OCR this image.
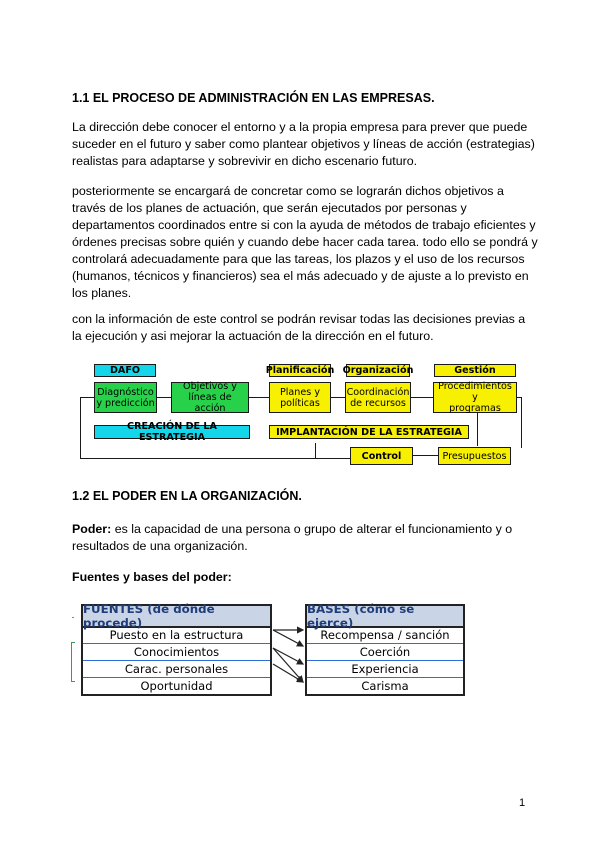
1.1 EL PROCESO DE ADMINISTRACIÓN EN LAS EMPRESAS.
La dirección debe conocer el entorno y a la propia empresa para prever que puede
suceder en el futuro y saber como plantear objetivos y líneas de acción (estrategias)
realistas para adaptarse y sobrevivir en dicho escenario futuro.
posteriormente se encargará de concretar como se lograrán dichos objetivos a
través de los planes de actuación, que serán ejecutados por personas y
departamentos coordinados entre si con la ayuda de métodos de trabajo eficientes y
órdenes precisas sobre quién y cuando debe hacer cada tarea. todo ello se pondrá y
controlará adecuadamente para que las tareas, los plazos y el uso de los recursos
(humanos, técnicos y financieros) sea el más adecuado y de ajuste a lo previsto en
los planes.
con la información de este control se podrán revisar todas las decisiones previas a
la ejecución y asi mejorar la actuación de la dirección en el futuro.
DAFO	Planificación Organización	Gestión
Diagnóstico
y predicción
Objetivos y
líneas de acción
Planes y
políticas
Coordinación
de recursos
Procedimientos y
programas
CREACIÓN DE LA ESTRATEGIA	IMPLANTACIÓN DE LA ESTRATEGIA
Control	Presupuestos
1.2 EL PODER EN LA ORGANIZACIÓN.
Poder: es la capacidad de una persona o grupo de alterar el funcionamiento y o
resultados de una organización.
Fuentes y bases del poder:
FUENTES (de dónde procede)
Puesto en la estructura
Conocimientos
Carac. personales
Oportunidad
BASES (cómo se ejerce)
Recompensa / sanción
Coerción
Experiencia
Carisma
1
